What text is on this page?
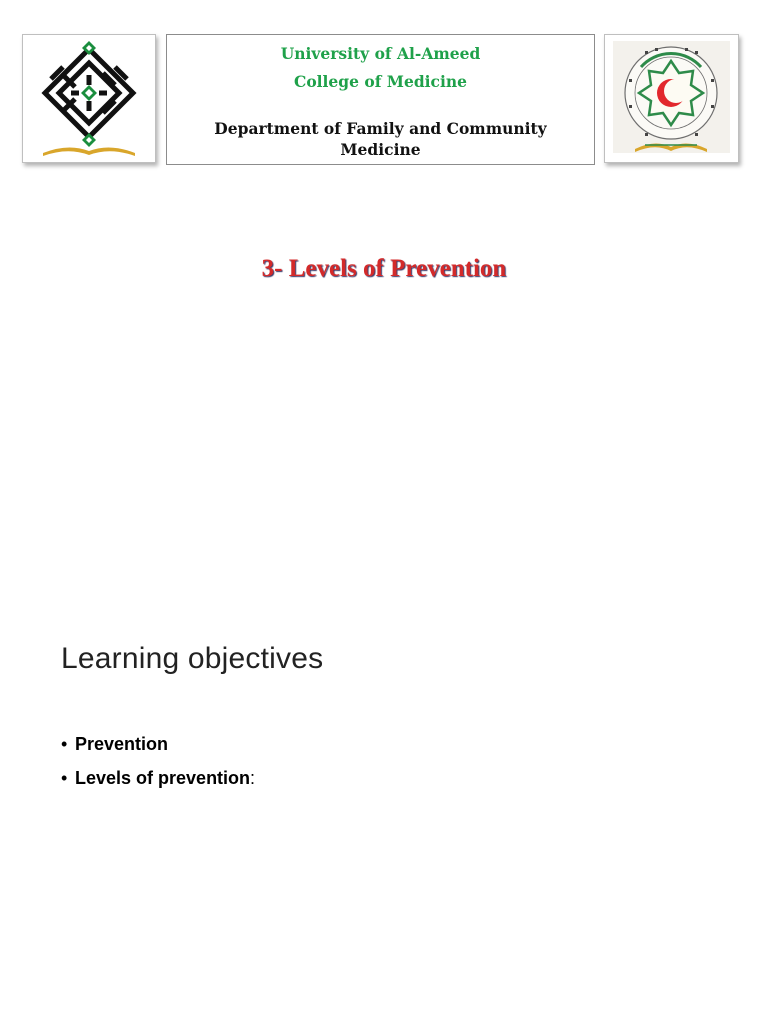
University of Al-Ameed
College of Medicine
Department of Family and Community Medicine
3- Levels of Prevention
Learning objectives
• Prevention
• Levels of prevention:
